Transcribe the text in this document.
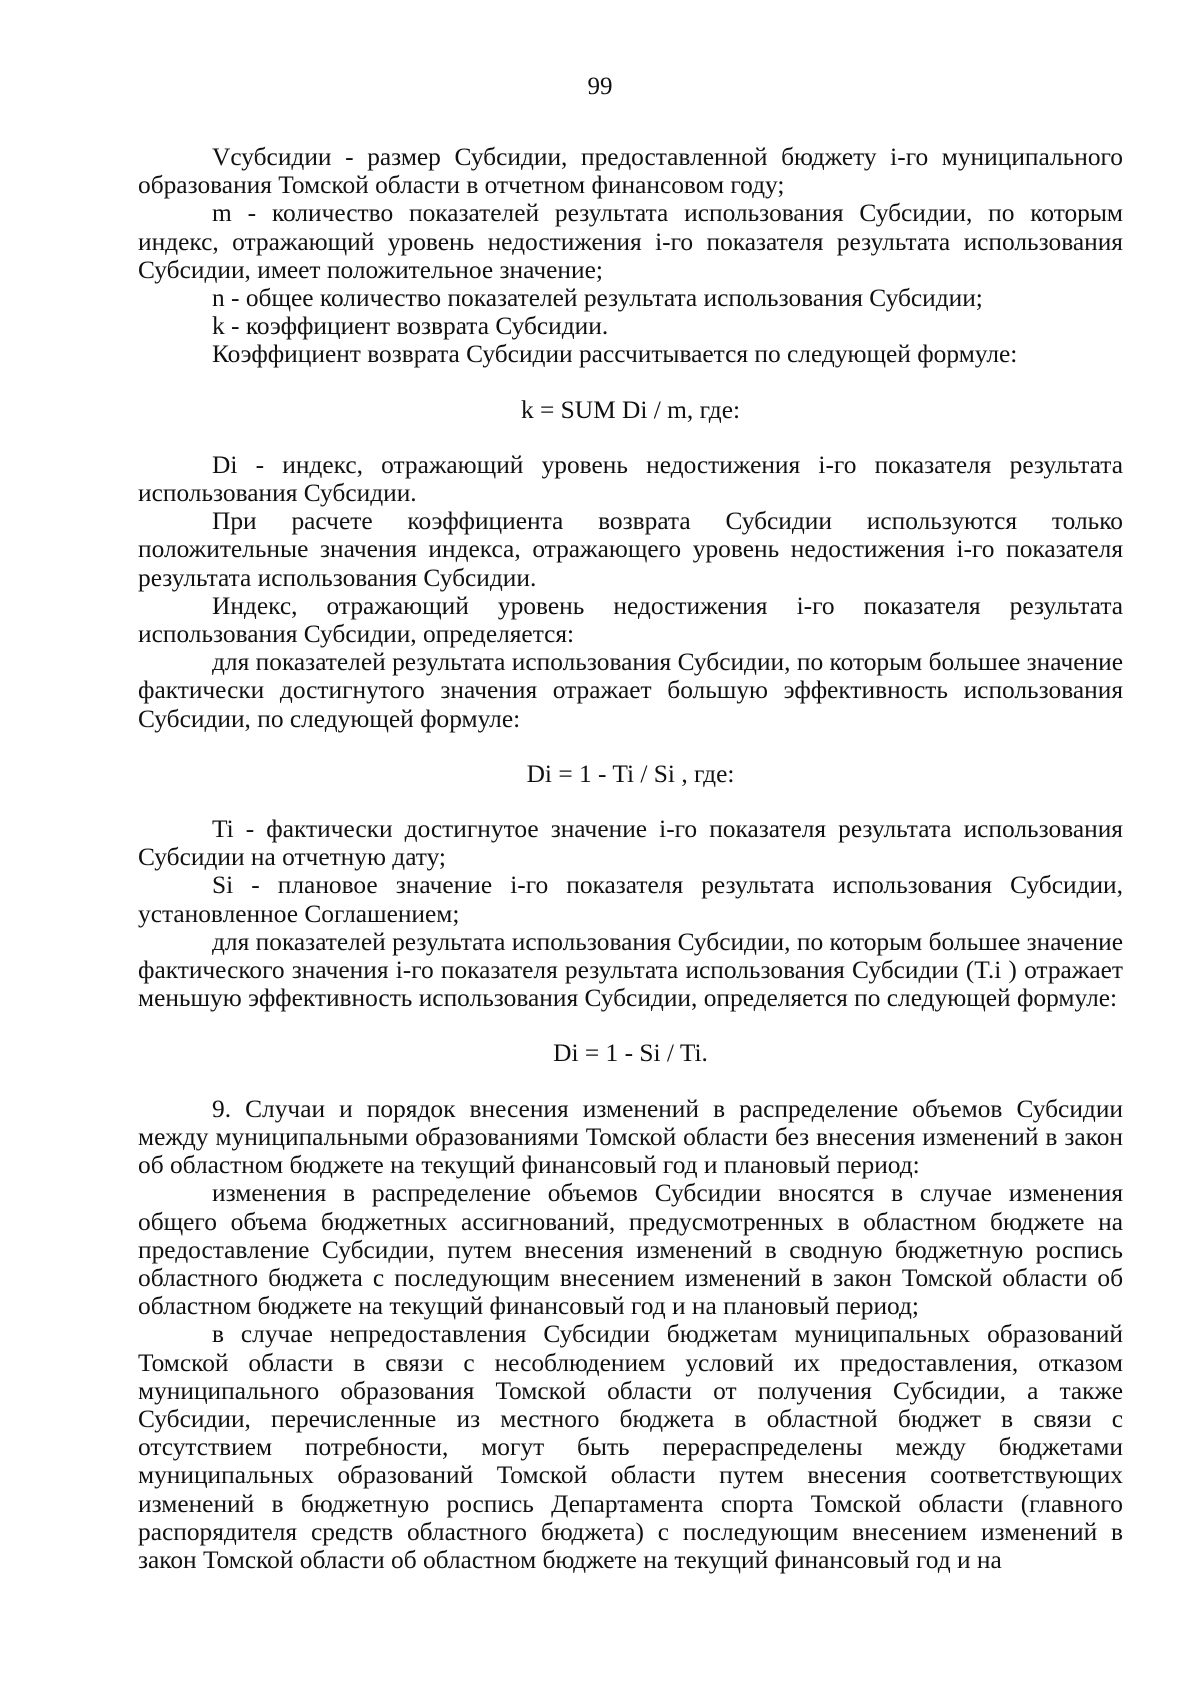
99

Vсубсидии - размер Субсидии, предоставленной бюджету i-го муниципального образования Томской области в отчетном финансовом году;

m - количество показателей результата использования Субсидии, по которым индекс, отражающий уровень недостижения i-го показателя результата использования Субсидии, имеет положительное значение;

n - общее количество показателей результата использования Субсидии;

k - коэффициент возврата Субсидии.

Коэффициент возврата Субсидии рассчитывается по следующей формуле:

k = SUM Di / m, где:

Di - индекс, отражающий уровень недостижения i-го показателя результата использования Субсидии.

При расчете коэффициента возврата Субсидии используются только положительные значения индекса, отражающего уровень недостижения i-го показателя результата использования Субсидии.

Индекс, отражающий уровень недостижения i-го показателя результата использования Субсидии, определяется:

для показателей результата использования Субсидии, по которым большее значение фактически достигнутого значения отражает большую эффективность использования Субсидии, по следующей формуле:

Di = 1 - Ti / Si , где:

Ti - фактически достигнутое значение i-го показателя результата использования Субсидии на отчетную дату;

Si - плановое значение i-го показателя результата использования Субсидии, установленное Соглашением;

для показателей результата использования Субсидии, по которым большее значение фактического значения i-го показателя результата использования Субсидии (T.i ) отражает меньшую эффективность использования Субсидии, определяется по следующей формуле:

Di = 1 - Si / Ti.

9. Случаи и порядок внесения изменений в распределение объемов Субсидии между муниципальными образованиями Томской области без внесения изменений в закон об областном бюджете на текущий финансовый год и плановый период:

изменения в распределение объемов Субсидии вносятся в случае изменения общего объема бюджетных ассигнований, предусмотренных в областном бюджете на предоставление Субсидии, путем внесения изменений в сводную бюджетную роспись областного бюджета с последующим внесением изменений в закон Томской области об областном бюджете на текущий финансовый год и на плановый период;

в случае непредоставления Субсидии бюджетам муниципальных образований Томской области в связи с несоблюдением условий их предоставления, отказом муниципального образования Томской области от получения Субсидии, а также Субсидии, перечисленные из местного бюджета в областной бюджет в связи с отсутствием потребности, могут быть перераспределены между бюджетами муниципальных образований Томской области путем внесения соответствующих изменений в бюджетную роспись Департамента спорта Томской области (главного распорядителя средств областного бюджета) с последующим внесением изменений в закон Томской области об областном бюджете на текущий финансовый год и на
